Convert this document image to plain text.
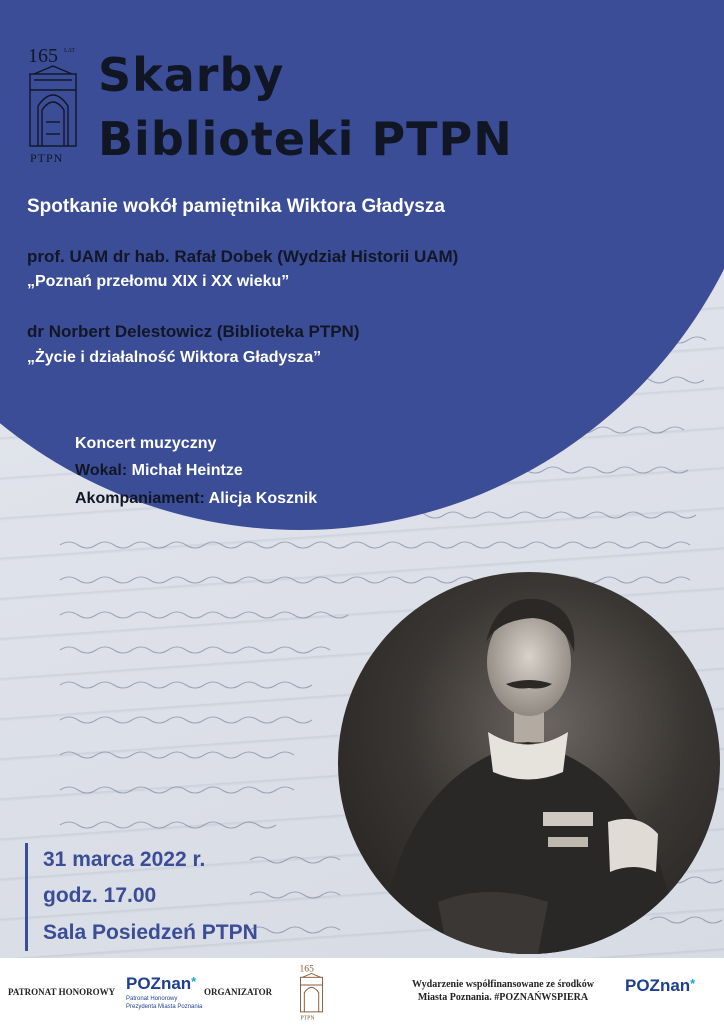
165 LAT
PTPN
Skarby
Biblioteki PTPN
Spotkanie wokół pamiętnika Wiktora Gładysza
prof. UAM dr hab. Rafał Dobek (Wydział Historii UAM)
„Poznań przełomu XIX i XX wieku”
dr Norbert Delestowicz (Biblioteka PTPN)
„Życie i działalność Wiktora Gładysza”
Koncert muzyczny
Wokal: Michał Heintze
Akompaniament: Alicja Kosznik
31 marca 2022 r.
godz. 17.00
Sala Posiedzeń PTPN
PATRONAT HONOROWY POZnan*
Patronat Honorowy
Prezydenta Miasta Poznania
ORGANIZATOR
165
PTPN
Wydarzenie współfinansowane ze środków
Miasta Poznania. #POZNAŃWSPIERA
POZnan*
